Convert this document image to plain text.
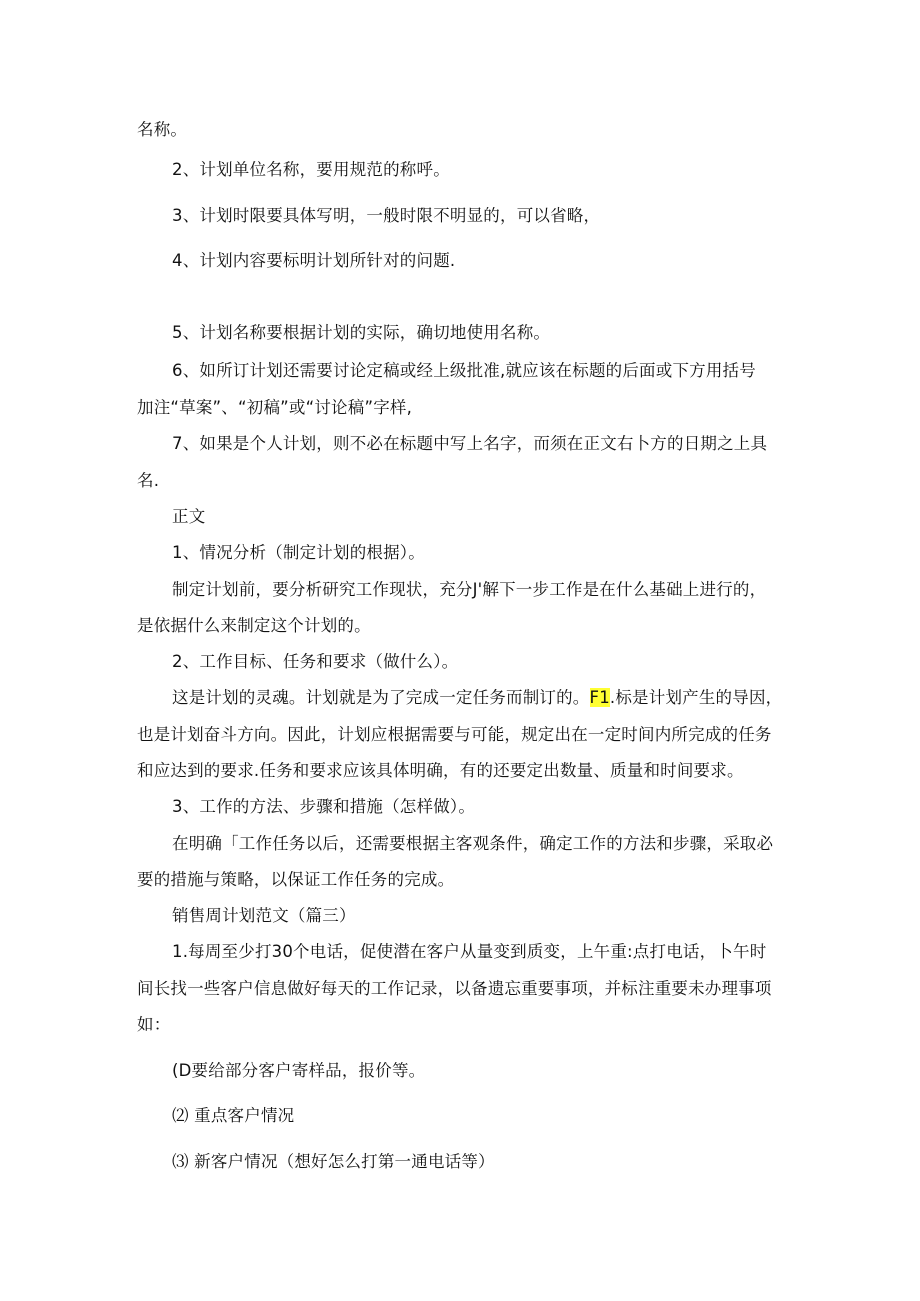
名称。
2、计划单位名称，要用规范的称呼。
3、计划时限要具体写明，一般时限不明显的，可以省略，
4、计划内容要标明计划所针对的问题.
5、计划名称要根据计划的实际，确切地使用名称。
6、如所订计划还需要讨论定稿或经上级批准,就应该在标题的后面或下方用括号
加注“草案”、“初稿”或“讨论稿”字样,
7、如果是个人计划，则不必在标题中写上名字，而须在正文右卜方的日期之上具
名.
正文
1、情况分析（制定计划的根据）。
制定计划前，要分析研究工作现状，充分J'解下一步工作是在什么基础上进行的，
是依据什么来制定这个计划的。
2、工作目标、任务和要求（做什么）。
这是计划的灵魂。计划就是为了完成一定任务而制订的。F1.标是计划产生的导因，
也是计划奋斗方向。因此，计划应根据需要与可能，规定出在一定时间内所完成的任务
和应达到的要求.任务和要求应该具体明确，有的还要定出数量、质量和时间要求。
3、工作的方法、步骤和措施（怎样做）。
在明确「工作任务以后，还需要根据主客观条件，确定工作的方法和步骤，采取必
要的措施与策略，以保证工作任务的完成。
销售周计划范文（篇三）
1.每周至少打30个电话，促使潜在客户从量变到质变，上午重:点打电话，卜午时
间长找一些客户信息做好每天的工作记录，以备遗忘重要事项，并标注重要未办理事项
如：
(D要给部分客户寄样品，报价等。
⑵ 重点客户情况
⑶ 新客户情况（想好怎么打第一通电话等）
